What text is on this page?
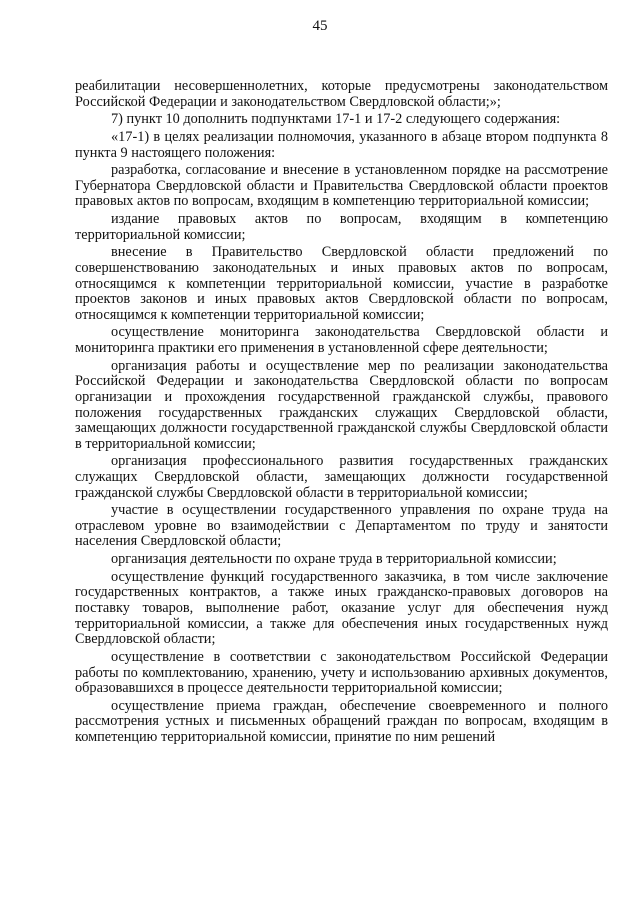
45

реабилитации несовершеннолетних, которые предусмотрены законодательством Российской Федерации и законодательством Свердловской области;»;

7) пункт 10 дополнить подпунктами 17-1 и 17-2 следующего содержания:

«17-1) в целях реализации полномочия, указанного в абзаце втором подпункта 8 пункта 9 настоящего положения:

разработка, согласование и внесение в установленном порядке на рассмотрение Губернатора Свердловской области и Правительства Свердловской области проектов правовых актов по вопросам, входящим в компетенцию территориальной комиссии;

издание правовых актов по вопросам, входящим в компетенцию территориальной комиссии;

внесение в Правительство Свердловской области предложений по совершенствованию законодательных и иных правовых актов по вопросам, относящимся к компетенции территориальной комиссии, участие в разработке проектов законов и иных правовых актов Свердловской области по вопросам, относящимся к компетенции территориальной комиссии;

осуществление мониторинга законодательства Свердловской области и мониторинга практики его применения в установленной сфере деятельности;

организация работы и осуществление мер по реализации законодательства Российской Федерации и законодательства Свердловской области по вопросам организации и прохождения государственной гражданской службы, правового положения государственных гражданских служащих Свердловской области, замещающих должности государственной гражданской службы Свердловской области в территориальной комиссии;

организация профессионального развития государственных гражданских служащих Свердловской области, замещающих должности государственной гражданской службы Свердловской области в территориальной комиссии;

участие в осуществлении государственного управления по охране труда на отраслевом уровне во взаимодействии с Департаментом по труду и занятости населения Свердловской области;

организация деятельности по охране труда в территориальной комиссии;

осуществление функций государственного заказчика, в том числе заключение государственных контрактов, а также иных гражданско-правовых договоров на поставку товаров, выполнение работ, оказание услуг для обеспечения нужд территориальной комиссии, а также для обеспечения иных государственных нужд Свердловской области;

осуществление в соответствии с законодательством Российской Федерации работы по комплектованию, хранению, учету и использованию архивных документов, образовавшихся в процессе деятельности территориальной комиссии;

осуществление приема граждан, обеспечение своевременного и полного рассмотрения устных и письменных обращений граждан по вопросам, входящим в компетенцию территориальной комиссии, принятие по ним решений
